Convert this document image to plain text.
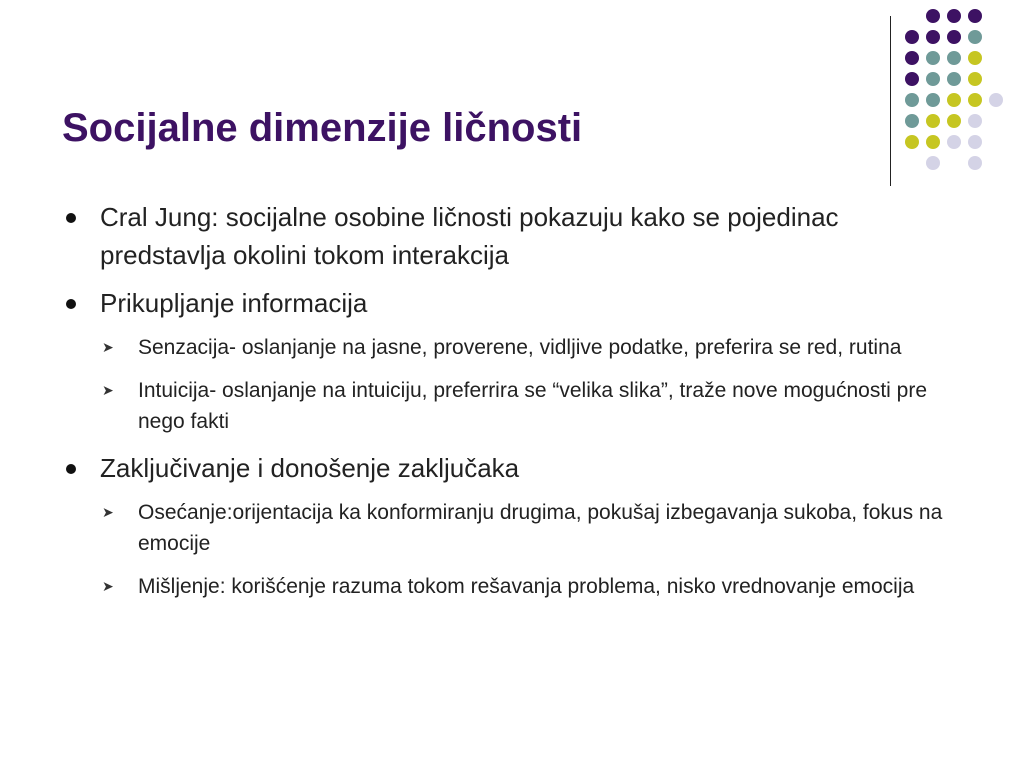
Socijalne dimenzije ličnosti
Cral Jung: socijalne osobine ličnosti pokazuju kako se pojedinac predstavlja okolini tokom interakcija
Prikupljanje informacija
➤ Senzacija- oslanjanje na jasne, proverene, vidljive podatke, preferira se red, rutina
➤ Intuicija- oslanjanje na intuiciju, preferrira se “velika slika”, traže nove mogućnosti pre nego fakti
Zaključivanje i donošenje zaključaka
➤ Osećanje:orijentacija ka konformiranju drugima, pokušaj izbegavanja sukoba, fokus na emocije
➤ Mišljenje: korišćenje razuma tokom rešavanja problema, nisko vrednovanje emocija
